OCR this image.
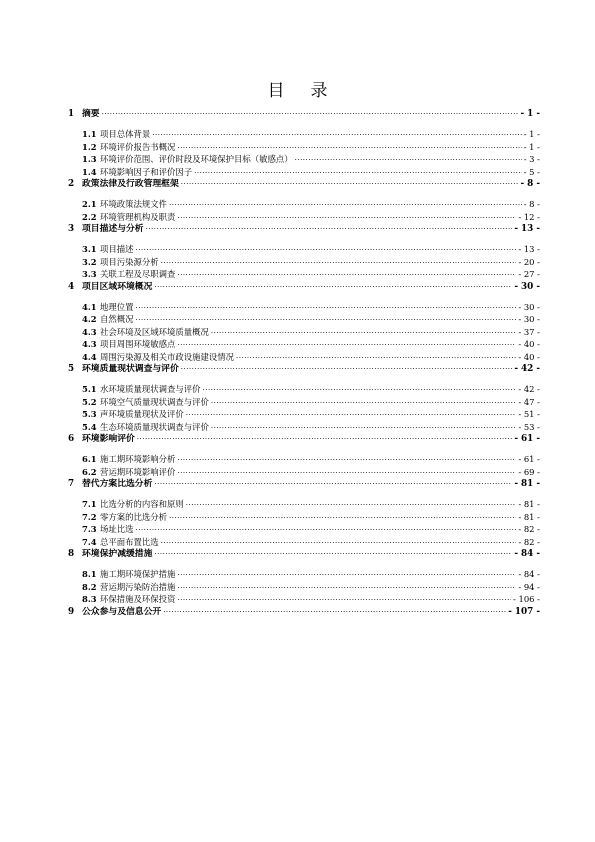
目 录
1 摘要 .....	- 1 -
1.1 项目总体背景 .....	- 1 -
1.2 环境评价报告书概况 .....	- 1 -
1.3 环境评价范围、评价时段及环境保护目标（敏感点） .....	- 3 -
1.4 环境影响因子和评价因子 .....	- 5 -
2 政策法律及行政管理框架 .....	- 8 -
2.1 环境政策法规文件 .....	- 8 -
2.2 环境管理机构及职责 .....	- 12 -
3 项目描述与分析 .....	- 13 -
3.1 项目描述 .....	- 13 -
3.2 项目污染源分析 .....	- 20 -
3.3 关联工程及尽职调查 .....	- 27 -
4 项目区域环境概况 .....	- 30 -
4.1 地理位置 .....	- 30 -
4.2 自然概况 .....	- 30 -
4.3 社会环境及区域环境质量概况 .....	- 37 -
4.3 项目周围环境敏感点 .....	- 40 -
4.4 周围污染源及相关市政设施建设情况 .....	- 40 -
5 环境质量现状调查与评价 .....	- 42 -
5.1 水环境质量现状调查与评价 .....	- 42 -
5.2 环境空气质量现状调查与评价 .....	- 47 -
5.3 声环境质量现状及评价 .....	- 51 -
5.4 生态环境质量现状调查与评价 .....	- 53 -
6 环境影响评价 .....	- 61 -
6.1 施工期环境影响分析 .....	- 61 -
6.2 营运期环境影响评价 .....	- 69 -
7 替代方案比选分析 .....	- 81 -
7.1 比选分析的内容和原则 .....	- 81 -
7.2 零方案的比选分析 .....	- 81 -
7.3 场址比选 .....	- 82 -
7.4 总平面布置比选 .....	- 82 -
8 环境保护减缓措施 .....	- 84 -
8.1 施工期环境保护措施 .....	- 84 -
8.2 营运期污染防治措施 .....	- 94 -
8.3 环保措施及环保投资 .....	- 106 -
9 公众参与及信息公开 .....	- 107 -
